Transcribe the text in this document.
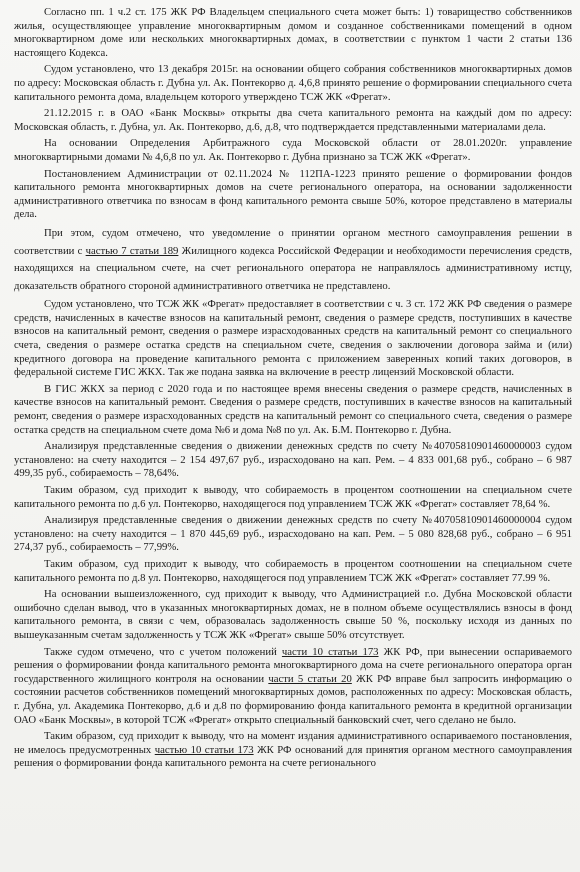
Согласно пп. 1 ч.2 ст. 175 ЖК РФ Владельцем специального счета может быть: 1) товарищество собственников жилья, осуществляющее управление многоквартирным домом и созданное собственниками помещений в одном многоквартирном доме или нескольких многоквартирных домах, в соответствии с пунктом 1 части 2 статьи 136 настоящего Кодекса.

Судом установлено, что 13 декабря 2015г. на основании общего собрания собственников многоквартирных домов по адресу: Московская область г. Дубна ул. Ак. Понтекорво д. 4,6,8 принято решение о формировании специального счета капитального ремонта дома, владельцем которого утверждено ТСЖ ЖК «Фрегат».

21.12.2015 г. в ОАО «Банк Москвы» открыты два счета капитального ремонта на каждый дом по адресу: Московская область, г. Дубна, ул. Ак. Понтекорво, д.6, д.8, что подтверждается представленными материалами дела.

На основании Определения Арбитражного суда Московской области от 28.01.2020г. управление многоквартирными домами № 4,6,8 по ул. Ак. Понтекорво г. Дубна признано за ТСЖ ЖК «Фрегат».

Постановлением Администрации от 02.11.2024 № 112ПА-1223 принято решение о формировании фондов капитального ремонта многоквартирных домов на счете регионального оператора, на основании задолженности административного ответчика по взносам в фонд капитального ремонта свыше 50%, которое представлено в материалы дела.

При этом, судом отмечено, что уведомление о принятии органом местного самоуправления решении в соответствии с частью 7 статьи 189 Жилищного кодекса Российской Федерации и необходимости перечисления средств, находящихся на специальном счете, на счет регионального оператора не направлялось административному истцу, доказательств обратного стороной административного ответчика не представлено.

Судом установлено, что ТСЖ ЖК «Фрегат» предоставляет в соответствии с ч. 3 ст. 172 ЖК РФ сведения о размере средств, начисленных в качестве взносов на капитальный ремонт, сведения о размере средств, поступивших в качестве взносов на капитальный ремонт, сведения о размере израсходованных средств на капитальный ремонт со специального счета, сведения о размере остатка средств на специальном счете, сведения о заключении договора займа и (или) кредитного договора на проведение капитального ремонта с приложением заверенных копий таких договоров, в федеральной системе ГИС ЖКХ. Так же подана заявка на включение в реестр лицензий Московской области.

В ГИС ЖКХ за период с 2020 года и по настоящее время внесены сведения о размере средств, начисленных в качестве взносов на капитальный ремонт. Сведения о размере средств, поступивших в качестве взносов на капитальный ремонт, сведения о размере израсходованных средств на капитальный ремонт со специального счета, сведения о размере остатка средств на специальном счете дома №6 и дома №8 по ул. Ак. Б.М. Понтекорво г. Дубна.

Анализируя представленные сведения о движении денежных средств по счету №40705810901460000003 судом установлено: на счету находится – 2 154 497,67 руб., израсходовано на кап. Рем. – 4 833 001,68 руб., собрано – 6 987 499,35 руб., собираемость – 78,64%.

Таким образом, суд приходит к выводу, что собираемость в процентом соотношении на специальном счете капитального ремонта по д.6 ул. Понтекорво, находящегося под управлением ТСЖ ЖК «Фрегат» составляет 78,64 %.

Анализируя представленные сведения о движении денежных средств по счету №40705810901460000004 судом установлено: на счету находится – 1 870 445,69 руб., израсходовано на кап. Рем. – 5 080 828,68 руб., собрано – 6 951 274,37 руб., собираемость – 77,99%.

Таким образом, суд приходит к выводу, что собираемость в процентом соотношении на специальном счете капитального ремонта по д.8 ул. Понтекорво, находящегося под управлением ТСЖ ЖК «Фрегат» составляет 77.99 %.

На основании вышеизложенного, суд приходит к выводу, что Администрацией г.о. Дубна Московской области ошибочно сделан вывод, что в указанных многоквартирных домах, не в полном объеме осуществлялись взносы в фонд капитального ремонта, в связи с чем, образовалась задолженность свыше 50 %, поскольку исходя из данных по вышеуказанным счетам задолженность у ТСЖ ЖК «Фрегат» свыше 50% отсутствует.

Также судом отмечено, что с учетом положений части 10 статьи 173 ЖК РФ, при вынесении оспариваемого решения о формировании фонда капитального ремонта многоквартирного дома на счете регионального оператора орган государственного жилищного контроля на основании части 5 статьи 20 ЖК РФ вправе был запросить информацию о состоянии расчетов собственников помещений многоквартирных домов, расположенных по адресу: Московская область, г. Дубна, ул. Академика Понтекорво, д.6 и д.8 по формированию фонда капитального ремонта в кредитной организации ОАО «Банк Москвы», в которой ТСЖ «Фрегат» открыто специальный банковский счет, чего сделано не было.

Таким образом, суд приходит к выводу, что на момент издания административного оспариваемого постановления, не имелось предусмотренных частью 10 статьи 173 ЖК РФ оснований для принятия органом местного самоуправления решения о формировании фонда капитального ремонта на счете регионального
